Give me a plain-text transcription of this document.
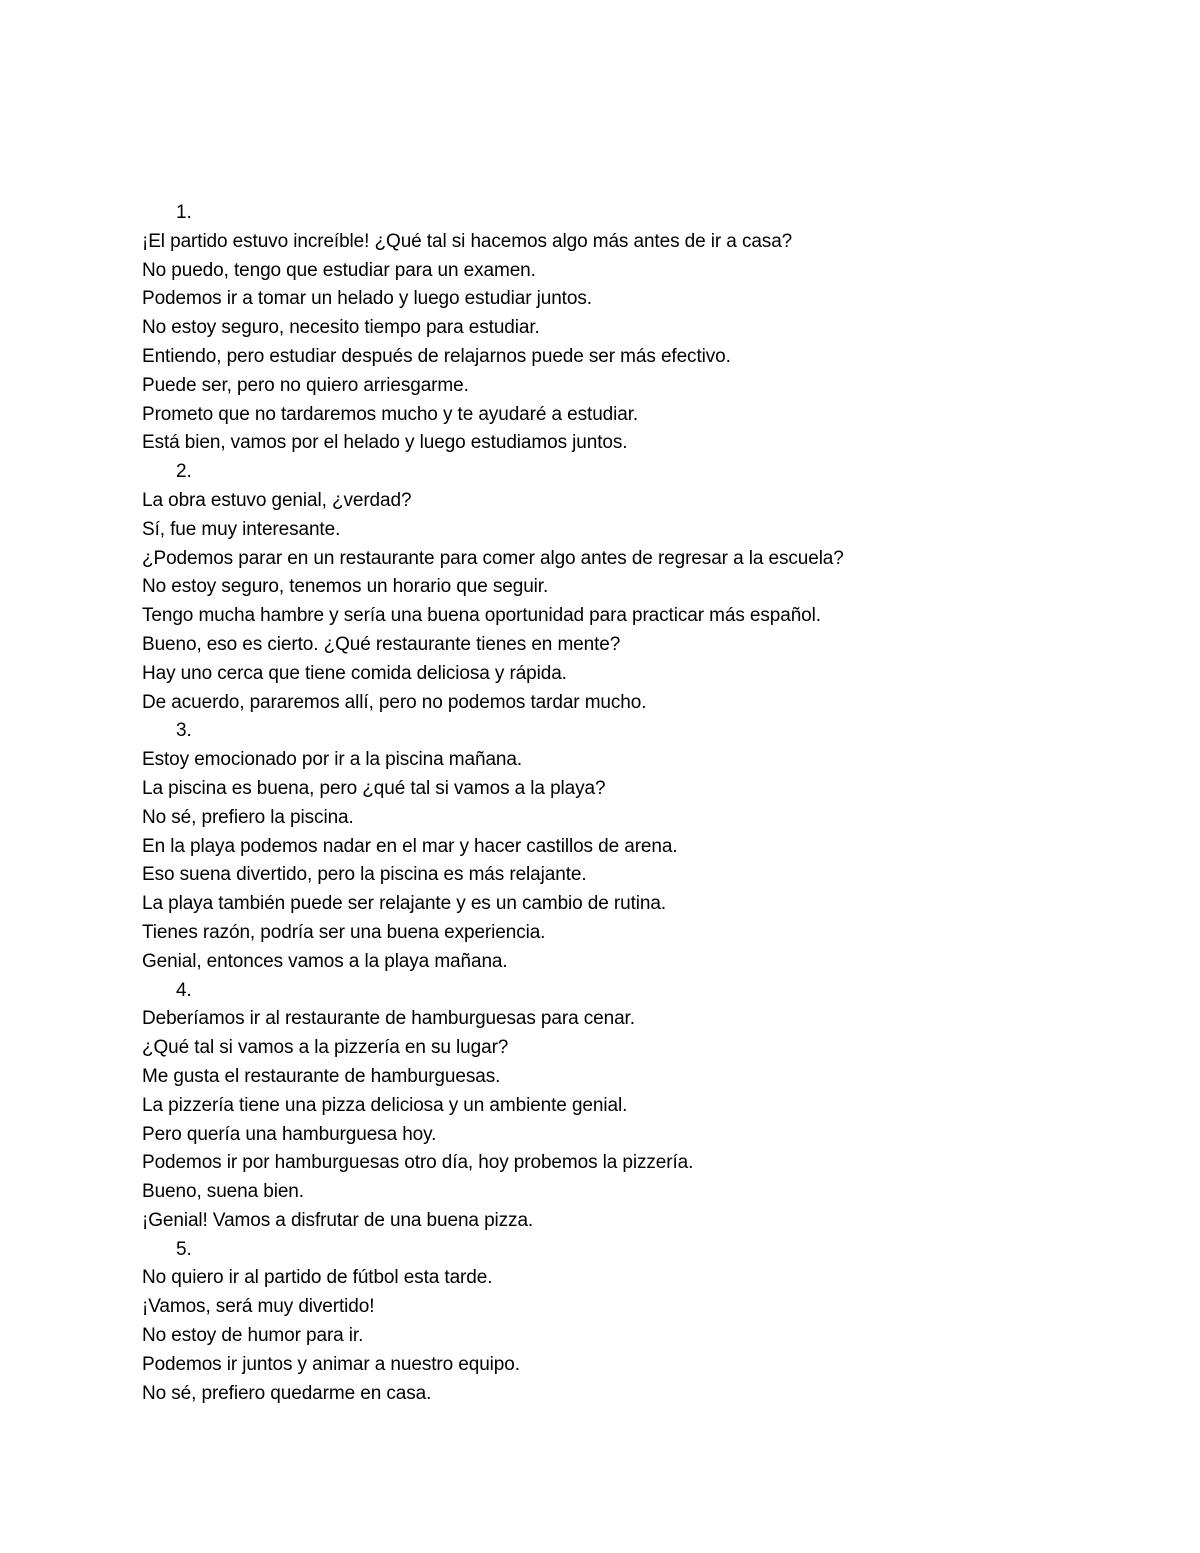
1.
¡El partido estuvo increíble! ¿Qué tal si hacemos algo más antes de ir a casa?
No puedo, tengo que estudiar para un examen.
Podemos ir a tomar un helado y luego estudiar juntos.
No estoy seguro, necesito tiempo para estudiar.
Entiendo, pero estudiar después de relajarnos puede ser más efectivo.
Puede ser, pero no quiero arriesgarme.
Prometo que no tardaremos mucho y te ayudaré a estudiar.
Está bien, vamos por el helado y luego estudiamos juntos.
2.
La obra estuvo genial, ¿verdad?
Sí, fue muy interesante.
¿Podemos parar en un restaurante para comer algo antes de regresar a la escuela?
No estoy seguro, tenemos un horario que seguir.
Tengo mucha hambre y sería una buena oportunidad para practicar más español.
Bueno, eso es cierto. ¿Qué restaurante tienes en mente?
Hay uno cerca que tiene comida deliciosa y rápida.
De acuerdo, pararemos allí, pero no podemos tardar mucho.
3.
Estoy emocionado por ir a la piscina mañana.
La piscina es buena, pero ¿qué tal si vamos a la playa?
No sé, prefiero la piscina.
En la playa podemos nadar en el mar y hacer castillos de arena.
Eso suena divertido, pero la piscina es más relajante.
La playa también puede ser relajante y es un cambio de rutina.
Tienes razón, podría ser una buena experiencia.
Genial, entonces vamos a la playa mañana.
4.
Deberíamos ir al restaurante de hamburguesas para cenar.
¿Qué tal si vamos a la pizzería en su lugar?
Me gusta el restaurante de hamburguesas.
La pizzería tiene una pizza deliciosa y un ambiente genial.
Pero quería una hamburguesa hoy.
Podemos ir por hamburguesas otro día, hoy probemos la pizzería.
Bueno, suena bien.
¡Genial! Vamos a disfrutar de una buena pizza.
5.
No quiero ir al partido de fútbol esta tarde.
¡Vamos, será muy divertido!
No estoy de humor para ir.
Podemos ir juntos y animar a nuestro equipo.
No sé, prefiero quedarme en casa.
